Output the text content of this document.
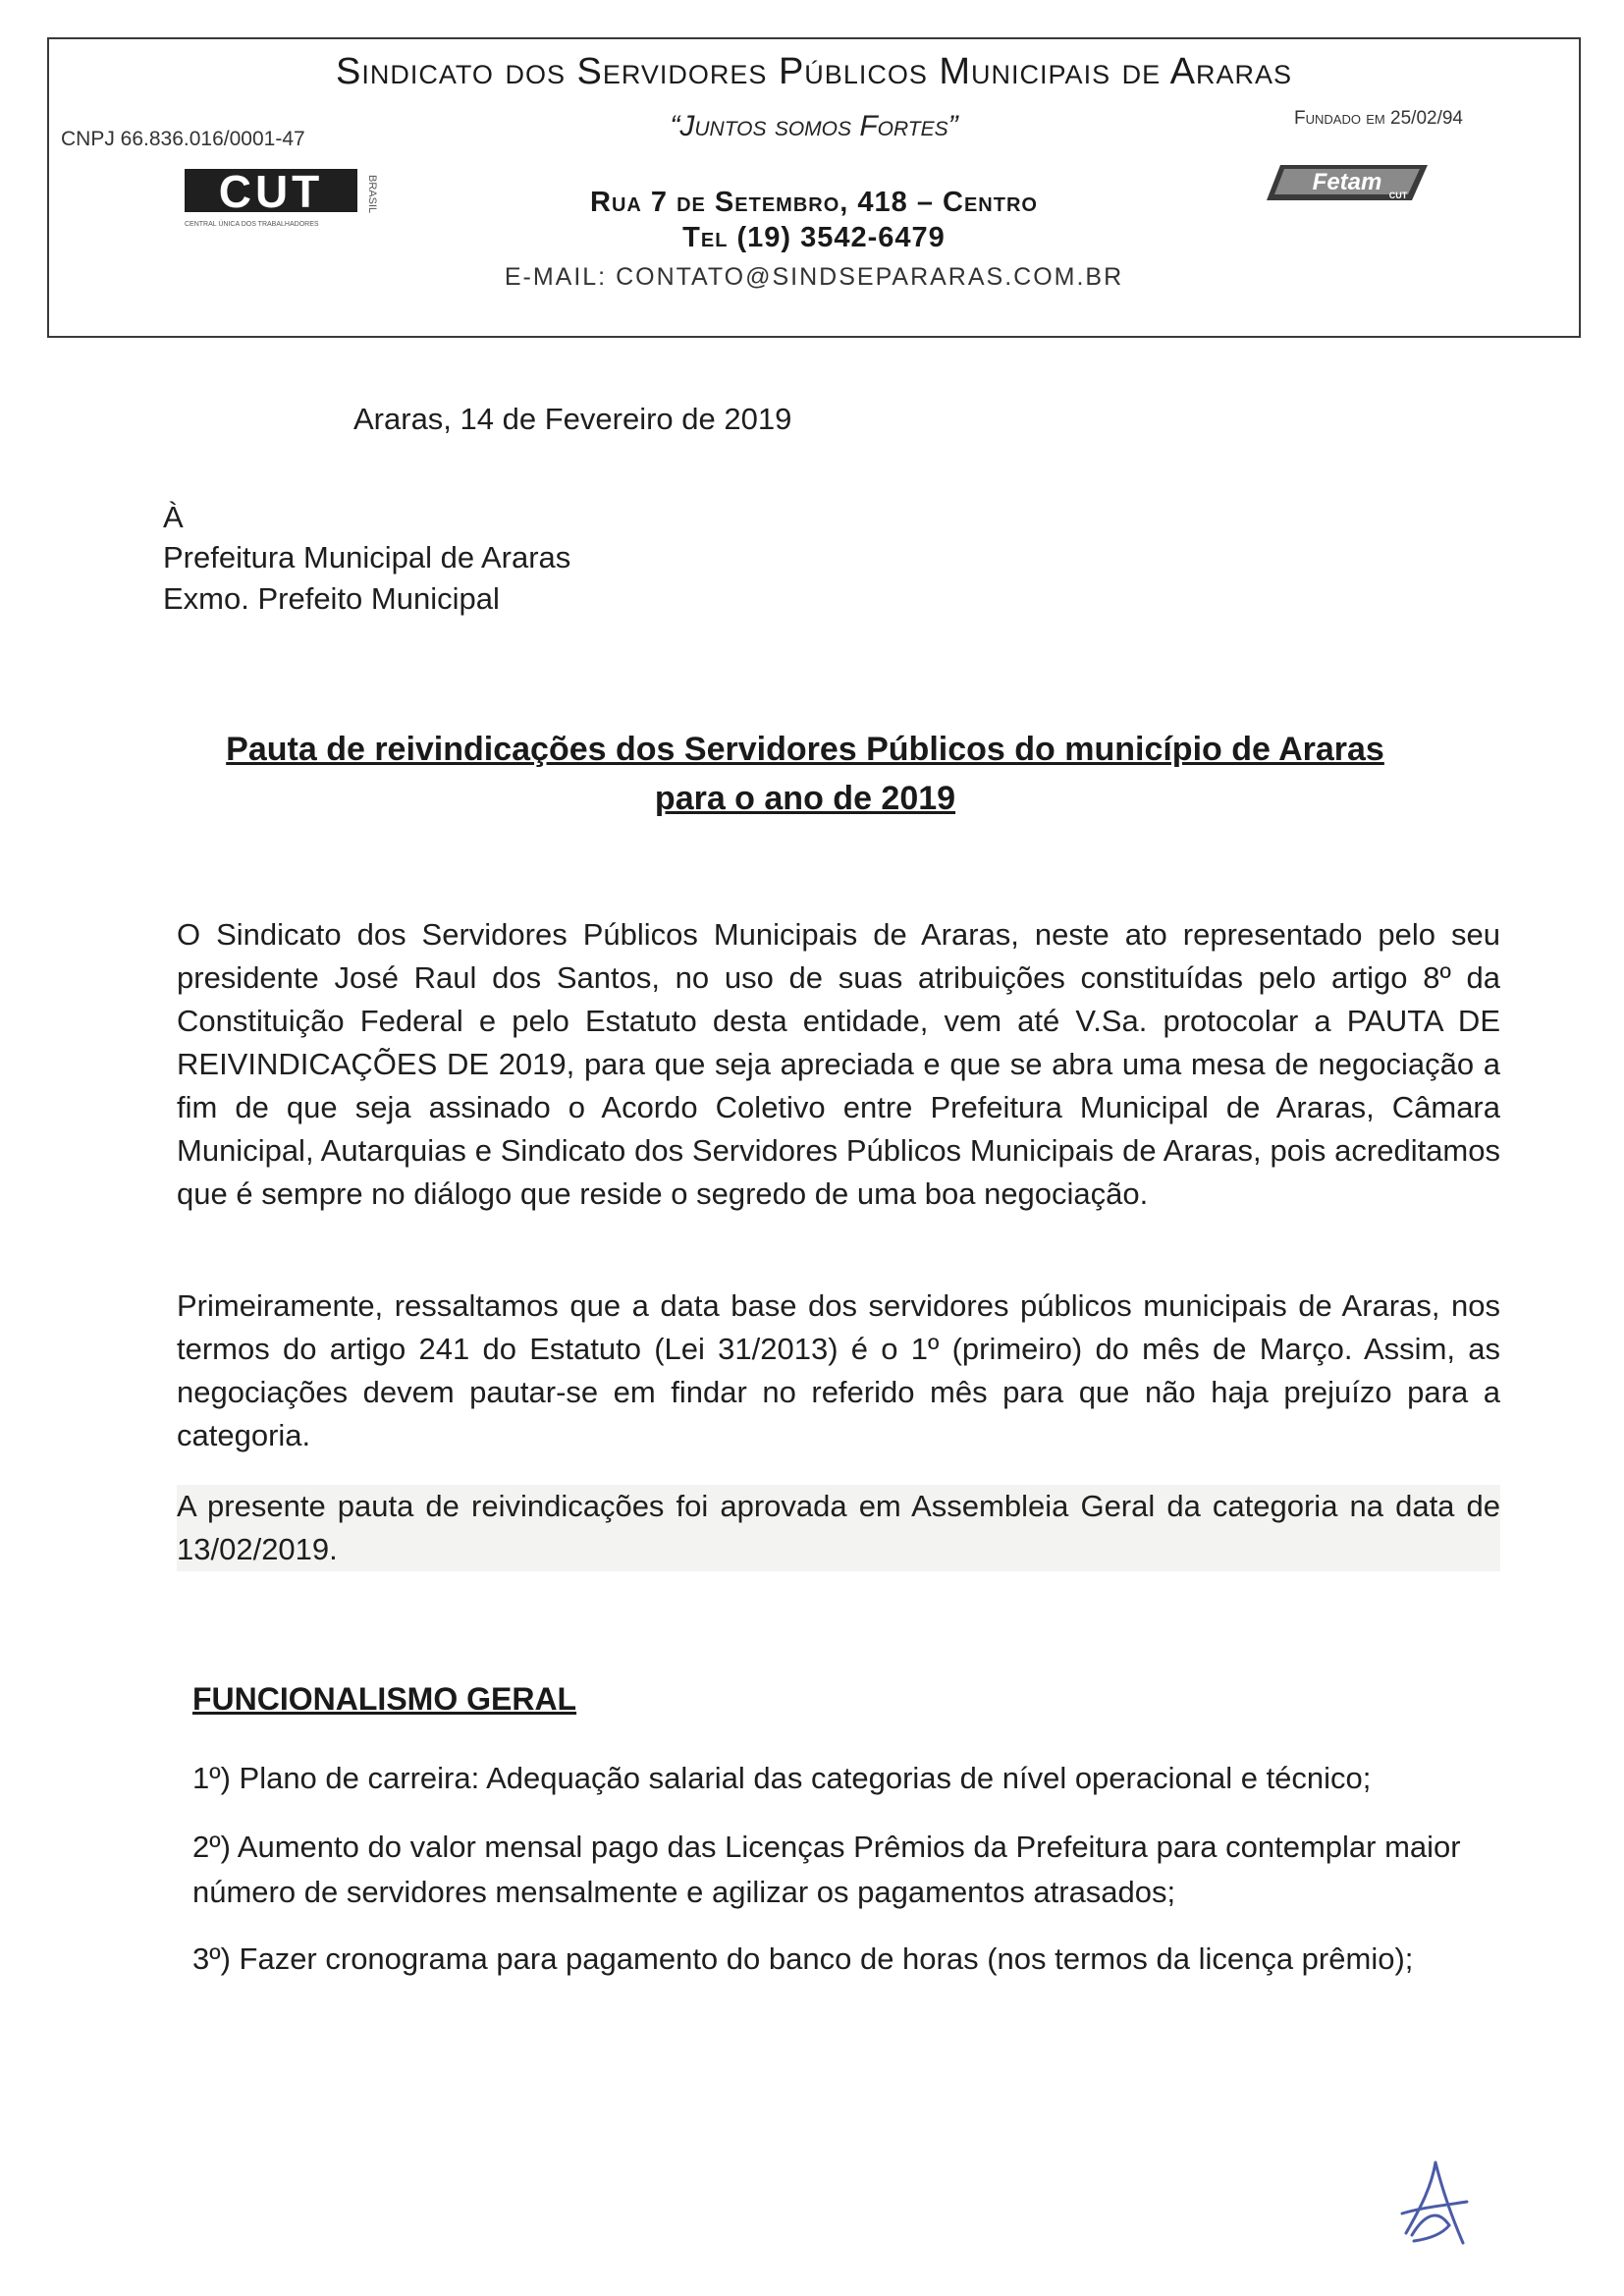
Sindicato dos Servidores Públicos Municipais de Araras
“Juntos somos Fortes”
CNPJ 66.836.016/0001-47
Fundado em 25/02/94
CUT	BRASIL
CENTRAL ÚNICA DOS TRABALHADORES
Fetam CUT
Rua 7 de Setembro, 418 – Centro
Tel (19) 3542-6479
E-MAIL: CONTATO@SINDSEPARARAS.COM.BR
Araras, 14 de Fevereiro de 2019
À
Prefeitura Municipal de Araras
Exmo. Prefeito Municipal
Pauta de reivindicações dos Servidores Públicos do município de Araras
para o ano de 2019
O Sindicato dos Servidores Públicos Municipais de Araras, neste ato representado pelo seu presidente José Raul dos Santos, no uso de suas atribuições constituídas pelo artigo 8º da Constituição Federal e pelo Estatuto desta entidade, vem até V.Sa. protocolar a PAUTA DE REIVINDICAÇÕES DE 2019, para que seja apreciada e que se abra uma mesa de negociação a fim de que seja assinado o Acordo Coletivo entre Prefeitura Municipal de Araras, Câmara Municipal, Autarquias e Sindicato dos Servidores Públicos Municipais de Araras, pois acreditamos que é sempre no diálogo que reside o segredo de uma boa negociação.
Primeiramente, ressaltamos que a data base dos servidores públicos municipais de Araras, nos termos do artigo 241 do Estatuto (Lei 31/2013) é o 1º (primeiro) do mês de Março. Assim, as negociações devem pautar-se em findar no referido mês para que não haja prejuízo para a categoria.
A presente pauta de reivindicações foi aprovada em Assembleia Geral da categoria na data de 13/02/2019.
FUNCIONALISMO GERAL
1º) Plano de carreira: Adequação salarial das categorias de nível operacional e técnico;
2º) Aumento do valor mensal pago das Licenças Prêmios da Prefeitura para contemplar maior número de servidores mensalmente e agilizar os pagamentos atrasados;
3º) Fazer cronograma para pagamento do banco de horas (nos termos da licença prêmio);
